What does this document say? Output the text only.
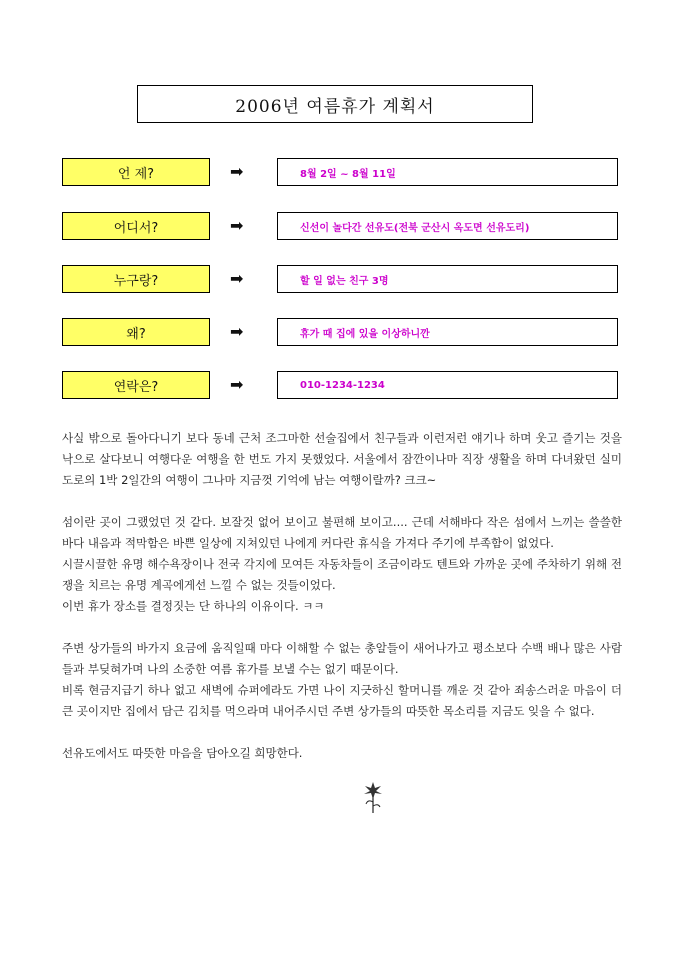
2006년 여름휴가 계획서
언 제?	➡	8월 2일 ~ 8월 11일
어디서?	➡	신선이 놀다간 선유도(전북 군산시 옥도면 선유도리)
누구랑?	➡	할 일 없는 친구 3명
왜?	➡	휴가 때 집에 있을 이상하니깐
연락은?	➡	010-1234-1234

사실 밖으로 돌아다니기 보다 동네 근처 조그마한 선술집에서 친구들과 이런저런 얘기나 하며 웃고 즐기는 것을 낙으로 살다보니 여행다운 여행을 한 번도 가지 못했었다. 서울에서 잠깐이나마 직장 생활을 하며 다녀왔던 실미도로의 1박 2일간의 여행이 그나마 지금껏 기억에 남는 여행이랄까? 크크~

섬이란 곳이 그랬었던 것 같다. 보잘것 없어 보이고 불편해 보이고.... 근데 서해바다 작은 섬에서 느끼는 쓸쓸한 바다 내음과 적막함은 바쁜 일상에 지쳐있던 나에게 커다란 휴식을 가져다 주기에 부족함이 없었다.

시끌시끌한 유명 해수욕장이나 전국 각지에 모여든 자동차들이 조금이라도 텐트와 가까운 곳에 주차하기 위해 전쟁을 치르는 유명 계곡에게선 느낄 수 없는 것들이었다.

이번 휴가 장소를 결정짓는 단 하나의 이유이다. ㅋㅋ

주변 상가들의 바가지 요금에 움직일때 마다 이해할 수 없는 총알들이 새어나가고 평소보다 수백 배나 많은 사람들과 부딪혀가며 나의 소중한 여름 휴가를 보낼 수는 없기 때문이다.

비록 현금지급기 하나 없고 새벽에 슈퍼에라도 가면 나이 지긋하신 할머니를 깨운 것 같아 죄송스러운 마음이 더 큰 곳이지만 집에서 담근 김치를 먹으라며 내어주시던 주변 상가들의 따뜻한 목소리를 지금도 잊을 수 없다.

선유도에서도 따뜻한 마음을 담아오길 희망한다.
